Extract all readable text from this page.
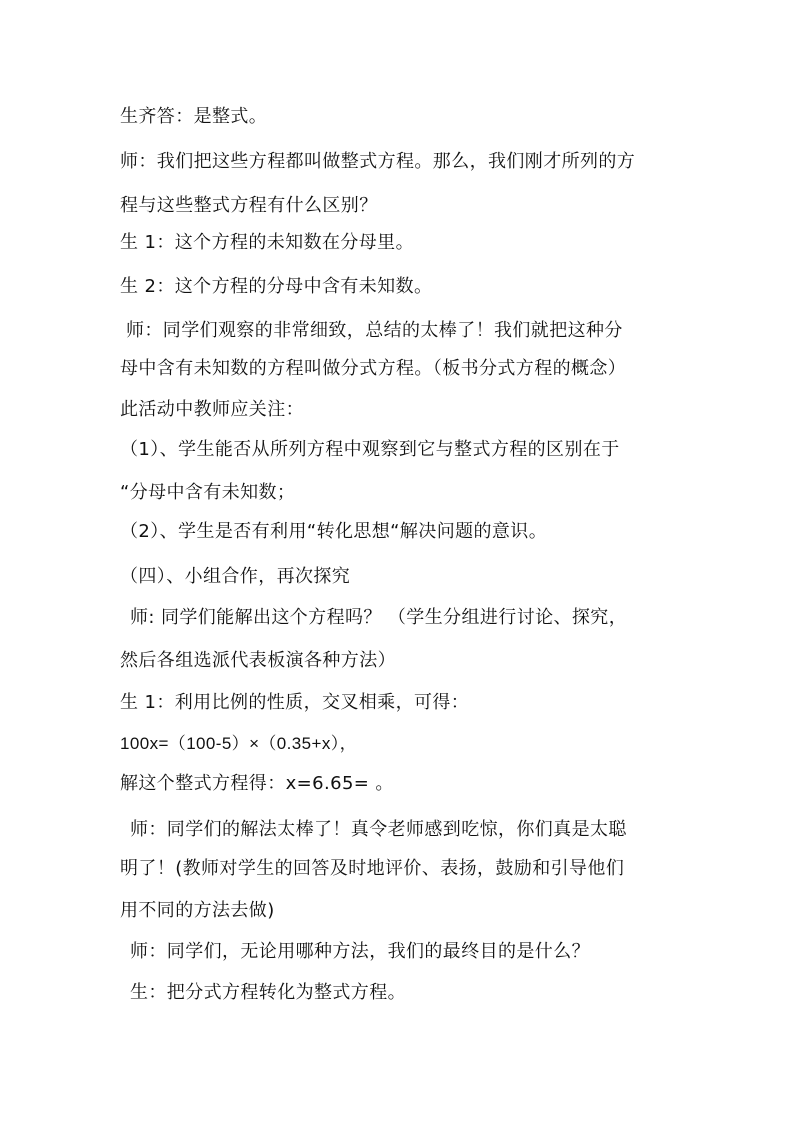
生齐答：是整式。
师：我们把这些方程都叫做整式方程。那么，我们刚才所列的方
程与这些整式方程有什么区别？
生 1：这个方程的未知数在分母里。
生 2：这个方程的分母中含有未知数。
师：同学们观察的非常细致，总结的太棒了！我们就把这种分
母中含有未知数的方程叫做分式方程。（板书分式方程的概念）
此活动中教师应关注：
（1）、学生能否从所列方程中观察到它与整式方程的区别在于
“分母中含有未知数；
（2）、学生是否有利用“转化思想“解决问题的意识。
（四）、小组合作，再次探究
师: 同学们能解出这个方程吗？ （学生分组进行讨论、探究，
然后各组选派代表板演各种方法）
生 1：利用比例的性质，交叉相乘，可得：
100x=（100-5）×（0.35+x），
解这个整式方程得：x=6.65= 。
师：同学们的解法太棒了！真令老师感到吃惊，你们真是太聪
明了！(教师对学生的回答及时地评价、表扬，鼓励和引导他们
用不同的方法去做)
师：同学们，无论用哪种方法，我们的最终目的是什么？
生：把分式方程转化为整式方程。
